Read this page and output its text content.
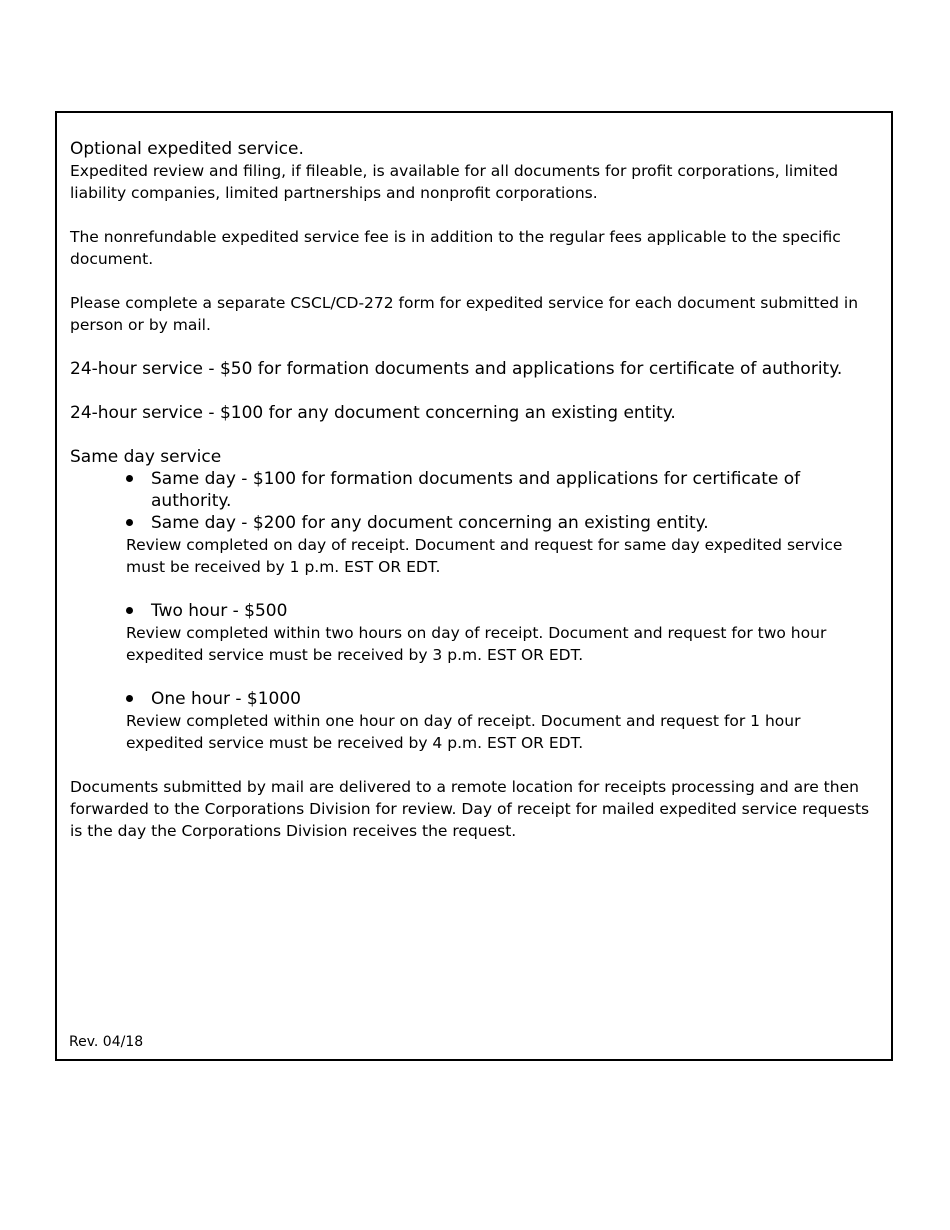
Optional expedited service.

Expedited review and filing, if fileable, is available for all documents for profit corporations, limited liability companies, limited partnerships and nonprofit corporations.

The nonrefundable expedited service fee is in addition to the regular fees applicable to the specific document.

Please complete a separate CSCL/CD-272 form for expedited service for each document submitted in person or by mail.

24-hour service - $50 for formation documents and applications for certificate of authority.

24-hour service - $100 for any document concerning an existing entity.

Same day service

Same day - $100 for formation documents and applications for certificate of authority.
Same day - $200 for any document concerning an existing entity.

Review completed on day of receipt. Document and request for same day expedited service must be received by 1 p.m. EST OR EDT.

Two hour - $500

Review completed within two hours on day of receipt. Document and request for two hour expedited service must be received by 3 p.m. EST OR EDT.

One hour - $1000

Review completed within one hour on day of receipt. Document and request for 1 hour expedited service must be received by 4 p.m. EST OR EDT.

Documents submitted by mail are delivered to a remote location for receipts processing and are then forwarded to the Corporations Division for review. Day of receipt for mailed expedited service requests is the day the Corporations Division receives the request.

Rev. 04/18
